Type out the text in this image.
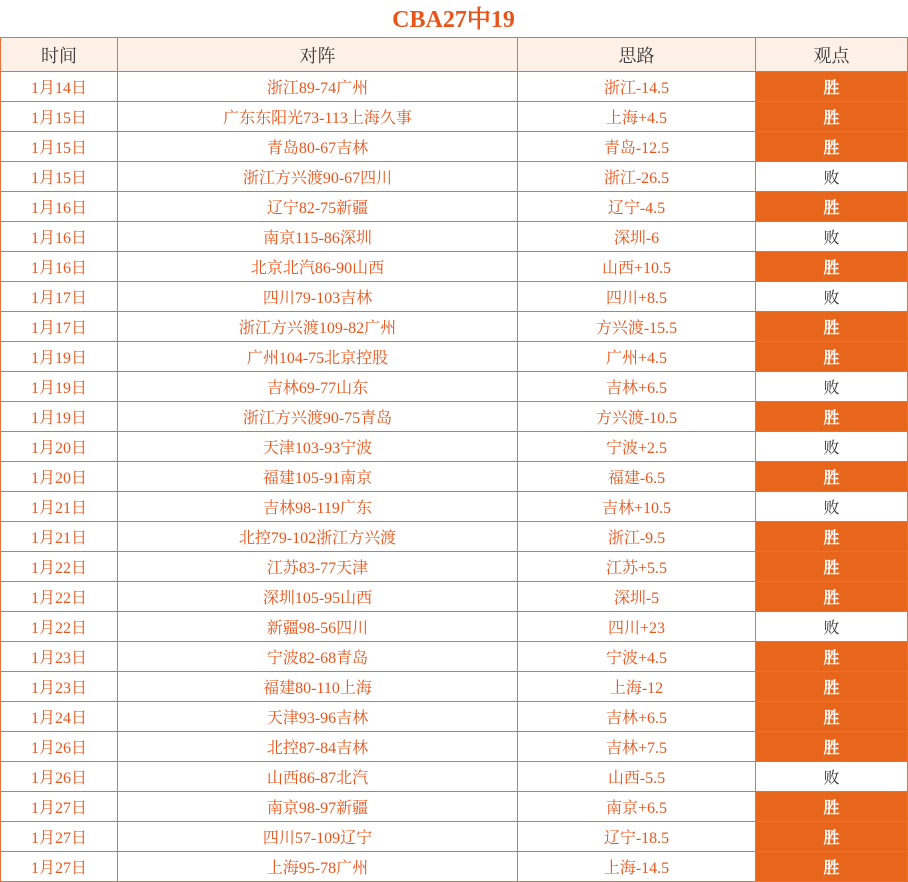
CBA27中19
时间	对阵	思路	观点
1月14日	浙江89-74广州	浙江-14.5	胜
1月15日	广东东阳光73-113上海久事	上海+4.5	胜
1月15日	青岛80-67吉林	青岛-12.5	胜
1月15日	浙江方兴渡90-67四川	浙江-26.5	败
1月16日	辽宁82-75新疆	辽宁-4.5	胜
1月16日	南京115-86深圳	深圳-6	败
1月16日	北京北汽86-90山西	山西+10.5	胜
1月17日	四川79-103吉林	四川+8.5	败
1月17日	浙江方兴渡109-82广州	方兴渡-15.5	胜
1月19日	广州104-75北京控股	广州+4.5	胜
1月19日	吉林69-77山东	吉林+6.5	败
1月19日	浙江方兴渡90-75青岛	方兴渡-10.5	胜
1月20日	天津103-93宁波	宁波+2.5	败
1月20日	福建105-91南京	福建-6.5	胜
1月21日	吉林98-119广东	吉林+10.5	败
1月21日	北控79-102浙江方兴渡	浙江-9.5	胜
1月22日	江苏83-77天津	江苏+5.5	胜
1月22日	深圳105-95山西	深圳-5	胜
1月22日	新疆98-56四川	四川+23	败
1月23日	宁波82-68青岛	宁波+4.5	胜
1月23日	福建80-110上海	上海-12	胜
1月24日	天津93-96吉林	吉林+6.5	胜
1月26日	北控87-84吉林	吉林+7.5	胜
1月26日	山西86-87北汽	山西-5.5	败
1月27日	南京98-97新疆	南京+6.5	胜
1月27日	四川57-109辽宁	辽宁-18.5	胜
1月27日	上海95-78广州	上海-14.5	胜
